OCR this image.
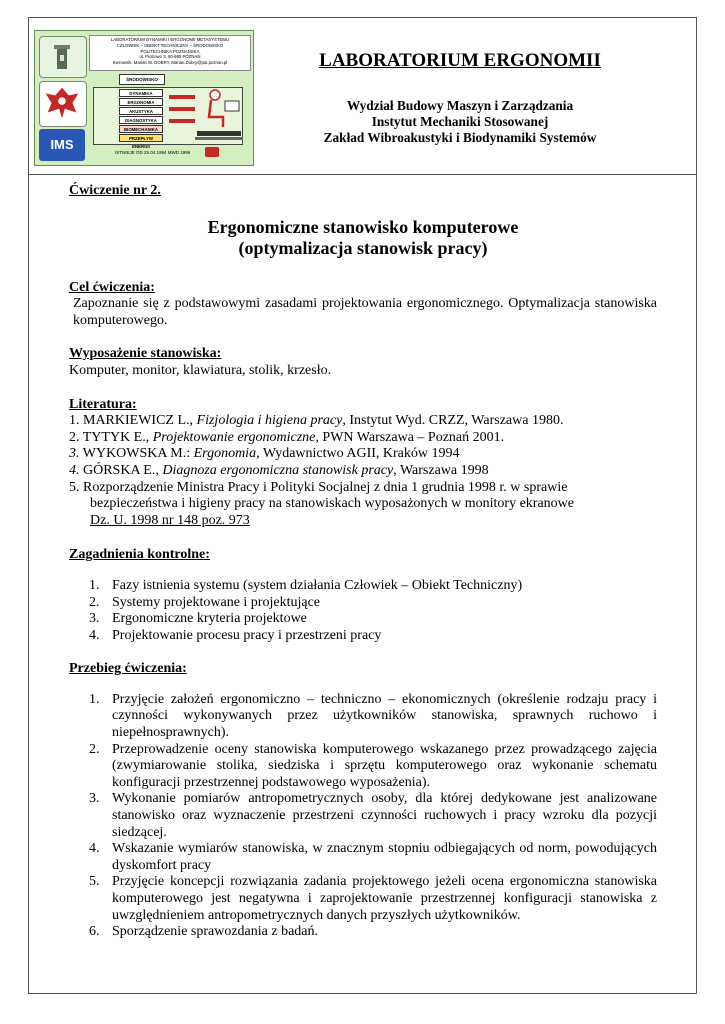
IMS
LABORATORIUM DYNAMIKI I ERGONOMII METASYSTEMU
CZŁOWIEK – OBIEKT TECHNICZNY – ŚRODOWISKO
POLITECHNIKA POZNAŃSKA
ul. Piotrowo 3, 60-965 POZNAŃ
Kierownik: Marian W. DOBRY, Marian.Dobry@put.poznan.pl
ŚRODOWISKO
DYNAMIKA
ERGONOMIA
AKUSTYKA
DIAGNOSTYKA
BIOMECHANIKA
PRZEPŁYW ENERGII
ISTNIEJE OD 25.04.1994 MWD 1996
LABORATORIUM ERGONOMII
Wydział Budowy Maszyn i Zarządzania
Instytut Mechaniki Stosowanej
Zakład Wibroakustyki i Biodynamiki Systemów
Ćwiczenie nr 2.
Ergonomiczne stanowisko komputerowe
(optymalizacja stanowisk pracy)
Cel ćwiczenia:
Zapoznanie się z podstawowymi zasadami projektowania ergonomicznego. Optymalizacja stanowiska komputerowego.
Wyposażenie stanowiska:
Komputer, monitor, klawiatura, stolik, krzesło.
Literatura:
1. MARKIEWICZ L., Fizjologia i higiena pracy, Instytut Wyd. CRZZ, Warszawa 1980.
2. TYTYK E., Projektowanie ergonomiczne, PWN Warszawa – Poznań 2001.
3. WYKOWSKA M.: Ergonomia, Wydawnictwo AGII, Kraków 1994
4. GÓRSKA E., Diagnoza ergonomiczna stanowisk pracy, Warszawa 1998
5. Rozporządzenie Ministra Pracy i Polityki Socjalnej z dnia 1 grudnia 1998 r. w sprawie
bezpieczeństwa i higieny pracy na stanowiskach wyposażonych w monitory ekranowe
Dz. U. 1998 nr 148 poz. 973
Zagadnienia kontrolne:
1. Fazy istnienia systemu (system działania Człowiek – Obiekt Techniczny)
2. Systemy projektowane i projektujące
3. Ergonomiczne kryteria projektowe
4. Projektowanie procesu pracy i przestrzeni pracy
Przebieg ćwiczenia:
1. Przyjęcie założeń ergonomiczno – techniczno – ekonomicznych (określenie rodzaju pracy i czynności wykonywanych przez użytkowników stanowiska, sprawnych ruchowo i niepełnosprawnych).
2. Przeprowadzenie oceny stanowiska komputerowego wskazanego przez prowadzącego zajęcia (zwymiarowanie stolika, siedziska i sprzętu komputerowego oraz wykonanie schematu konfiguracji przestrzennej podstawowego wyposażenia).
3. Wykonanie pomiarów antropometrycznych osoby, dla której dedykowane jest analizowane stanowisko oraz wyznaczenie przestrzeni czynności ruchowych i pracy wzroku dla pozycji siedzącej.
4. Wskazanie wymiarów stanowiska, w znacznym stopniu odbiegających od norm, powodujących dyskomfort pracy
5. Przyjęcie koncepcji rozwiązania zadania projektowego jeżeli ocena ergonomiczna stanowiska komputerowego jest negatywna i zaprojektowanie przestrzennej konfiguracji stanowiska z uwzględnieniem antropometrycznych danych przyszłych użytkowników.
6. Sporządzenie sprawozdania z badań.
